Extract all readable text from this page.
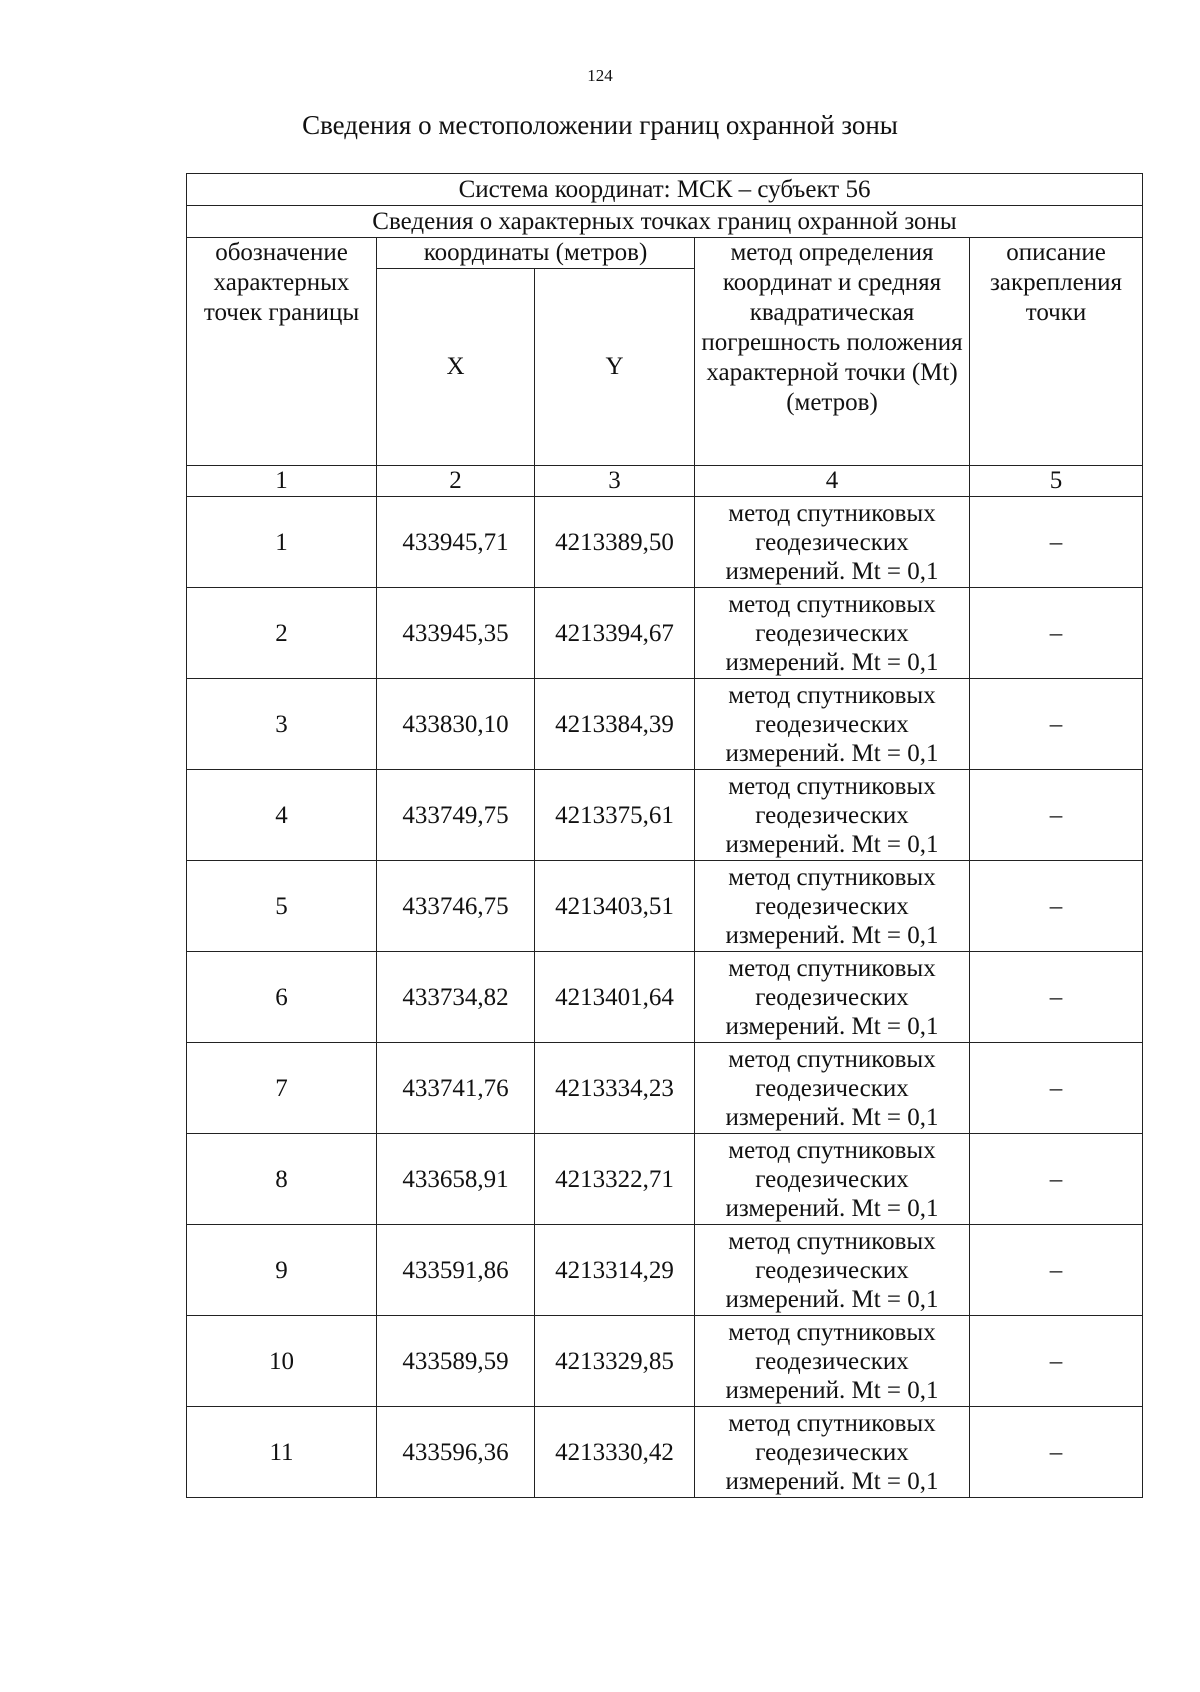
124
Сведения о местоположении границ охранной зоны
Система координат: МСК – субъект 56				
Сведения о характерных точках границ охранной зоны				
обозначение характерных точек границы	координаты (метров)		метод определения координат и средняя квадратическая погрешность положения характерной точки (Mt) (метров)	описание закрепления точки
	X	Y		
1	2	3	4	5
1	433945,71	4213389,50	метод спутниковых геодезических измерений. Mt = 0,1	–
2	433945,35	4213394,67	метод спутниковых геодезических измерений. Mt = 0,1	–
3	433830,10	4213384,39	метод спутниковых геодезических измерений. Mt = 0,1	–
4	433749,75	4213375,61	метод спутниковых геодезических измерений. Mt = 0,1	–
5	433746,75	4213403,51	метод спутниковых геодезических измерений. Mt = 0,1	–
6	433734,82	4213401,64	метод спутниковых геодезических измерений. Mt = 0,1	–
7	433741,76	4213334,23	метод спутниковых геодезических измерений. Mt = 0,1	–
8	433658,91	4213322,71	метод спутниковых геодезических измерений. Mt = 0,1	–
9	433591,86	4213314,29	метод спутниковых геодезических измерений. Mt = 0,1	–
10	433589,59	4213329,85	метод спутниковых геодезических измерений. Mt = 0,1	–
11	433596,36	4213330,42	метод спутниковых геодезических измерений. Mt = 0,1	–
